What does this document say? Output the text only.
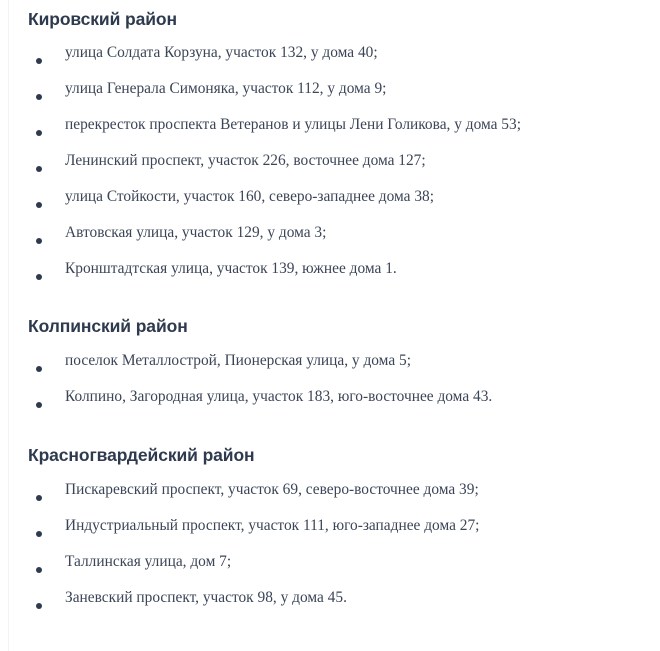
Кировский район
улица Солдата Корзуна, участок 132, у дома 40;
улица Генерала Симоняка, участок 112, у дома 9;
перекресток проспекта Ветеранов и улицы Лени Голикова, у дома 53;
Ленинский проспект, участок 226, восточнее дома 127;
улица Стойкости, участок 160, северо-западнее дома 38;
Автовская улица, участок 129, у дома 3;
Кронштадтская улица, участок 139, южнее дома 1.
Колпинский район
поселок Металлострой, Пионерская улица, у дома 5;
Колпино, Загородная улица, участок 183, юго-восточнее дома 43.
Красногвардейский район
Пискаревский проспект, участок 69, северо-восточнее дома 39;
Индустриальный проспект, участок 111, юго-западнее дома 27;
Таллинская улица, дом 7;
Заневский проспект, участок 98, у дома 45.
